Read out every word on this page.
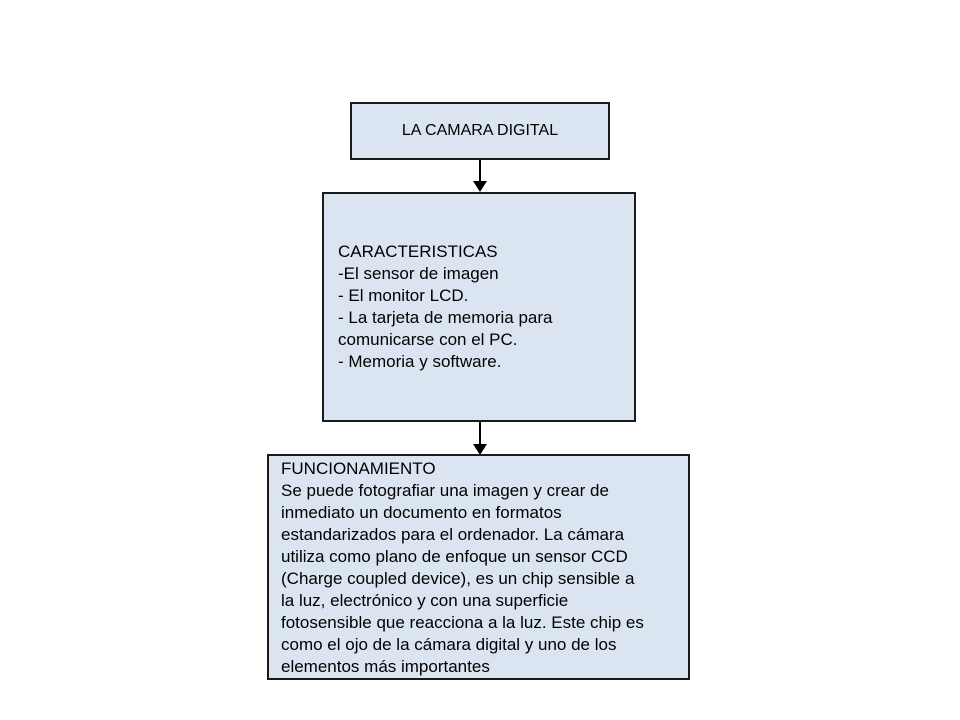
LA CAMARA DIGITAL
CARACTERISTICAS
-El sensor de imagen
- El monitor LCD.
- La tarjeta de memoria para
comunicarse con el PC.
- Memoria y software.
FUNCIONAMIENTO
Se puede fotografiar una imagen y crear de
inmediato un documento en formatos
estandarizados para el ordenador. La cámara
utiliza como plano de enfoque un sensor CCD
(Charge coupled device), es un chip sensible a
la luz, electrónico y con una superficie
fotosensible que reacciona a la luz. Este chip es
como el ojo de la cámara digital y uno de los
elementos más importantes
